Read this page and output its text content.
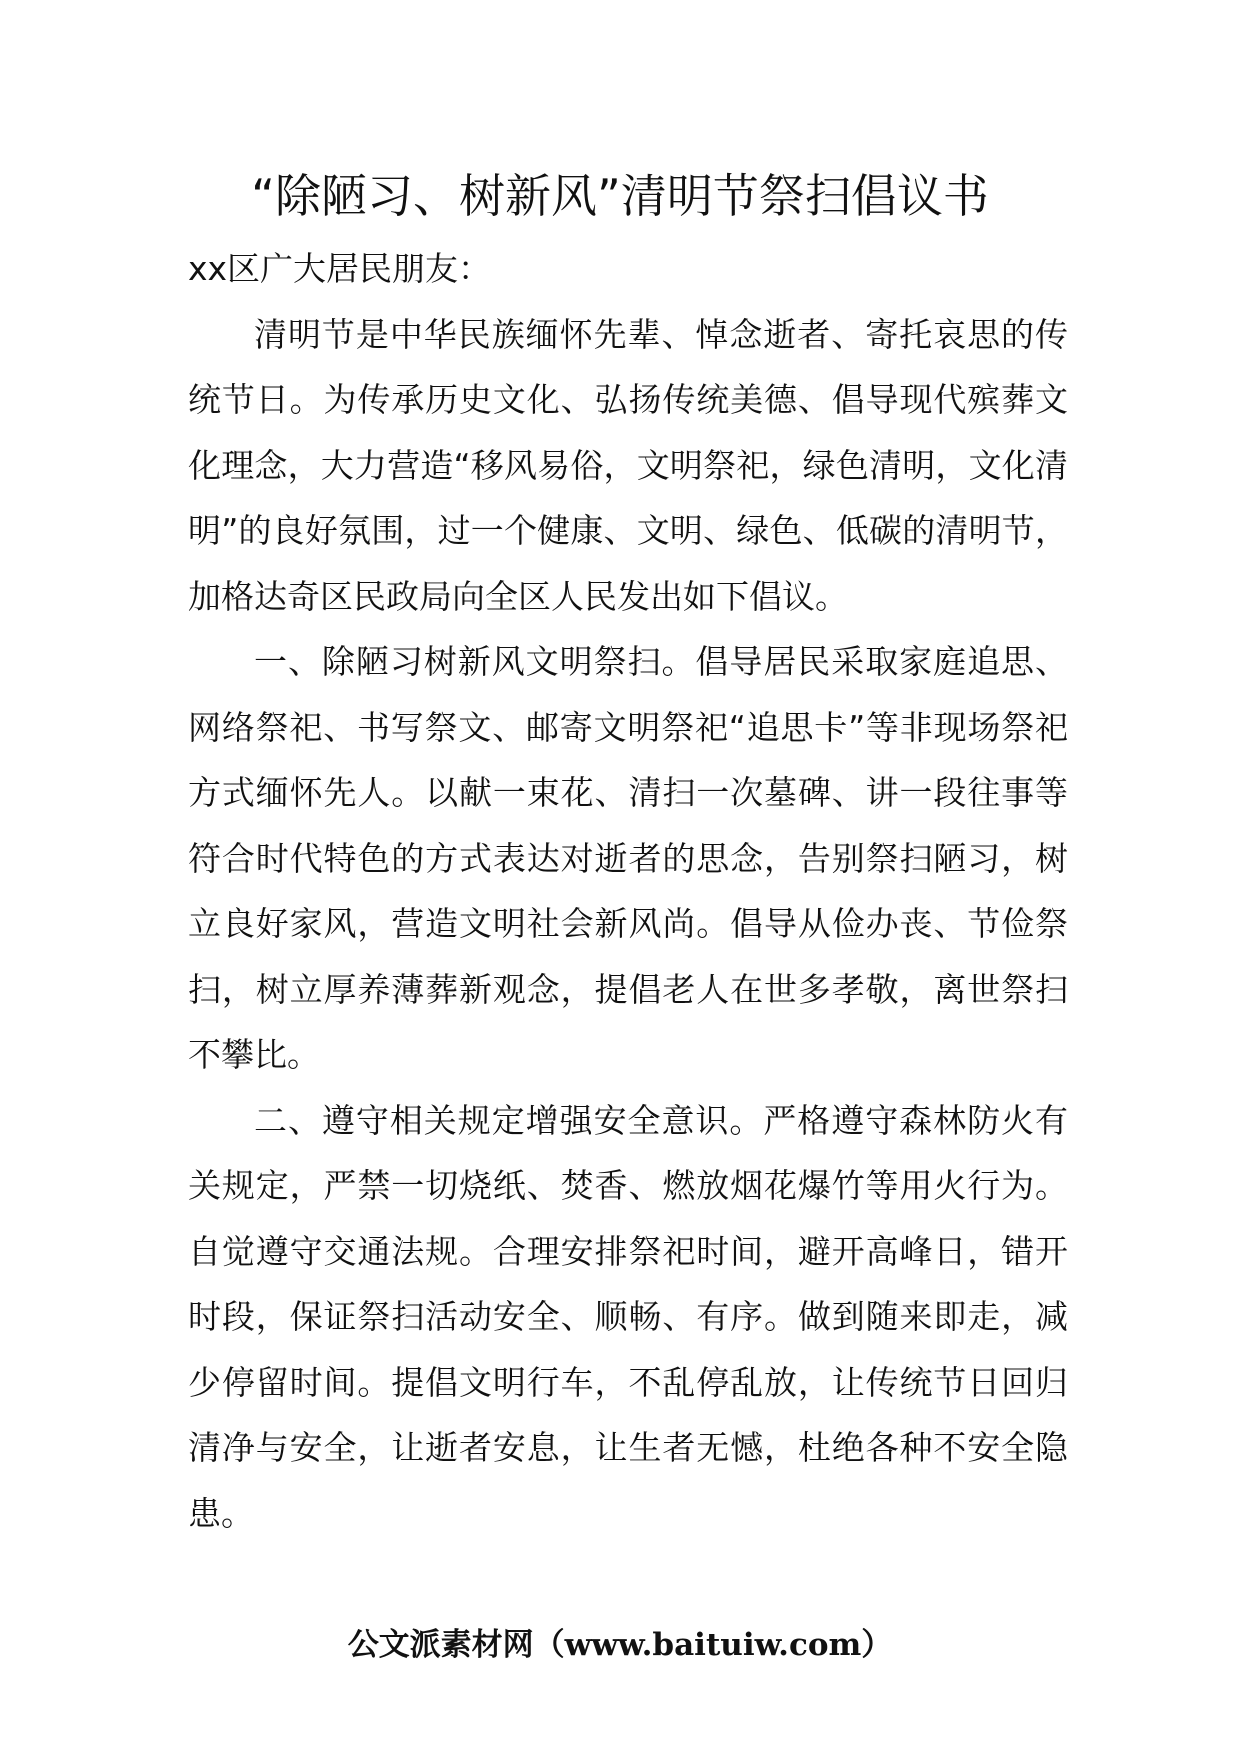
“除陋习、树新风”清明节祭扫倡议书

xx区广大居民朋友：

清明节是中华民族缅怀先辈、悼念逝者、寄托哀思的传统节日。为传承历史文化、弘扬传统美德、倡导现代殡葬文化理念，大力营造“移风易俗，文明祭祀，绿色清明，文化清明”的良好氛围，过一个健康、文明、绿色、低碳的清明节，加格达奇区民政局向全区人民发出如下倡议。

一、除陋习树新风文明祭扫。倡导居民采取家庭追思、网络祭祀、书写祭文、邮寄文明祭祀“追思卡”等非现场祭祀方式缅怀先人。以献一束花、清扫一次墓碑、讲一段往事等符合时代特色的方式表达对逝者的思念，告别祭扫陋习，树立良好家风，营造文明社会新风尚。倡导从俭办丧、节俭祭扫，树立厚养薄葬新观念，提倡老人在世多孝敬，离世祭扫不攀比。

二、遵守相关规定增强安全意识。严格遵守森林防火有关规定，严禁一切烧纸、焚香、燃放烟花爆竹等用火行为。自觉遵守交通法规。合理安排祭祀时间，避开高峰日，错开时段，保证祭扫活动安全、顺畅、有序。做到随来即走，减少停留时间。提倡文明行车，不乱停乱放，让传统节日回归清净与安全，让逝者安息，让生者无憾，杜绝各种不安全隐患。

公文派素材网（www.baituiw.com）
